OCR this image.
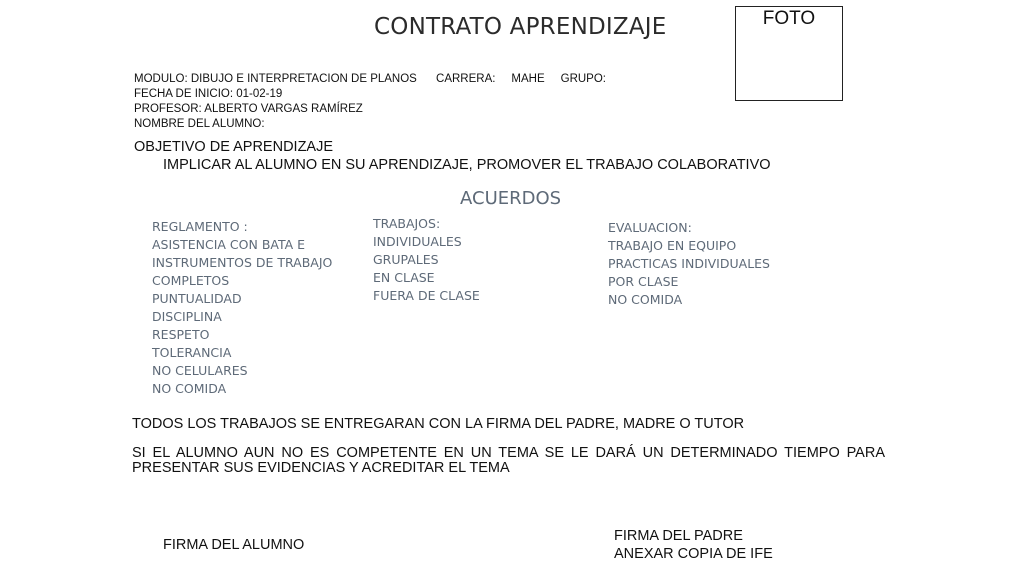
CONTRATO APRENDIZAJE	FOTO
MODULO: DIBUJO E INTERPRETACION DE PLANOS      CARRERA:     MAHE     GRUPO:
FECHA DE INICIO: 01-02-19
PROFESOR: ALBERTO VARGAS RAMÍREZ
NOMBRE DEL ALUMNO:
OBJETIVO DE APRENDIZAJE
IMPLICAR AL ALUMNO EN SU APRENDIZAJE, PROMOVER EL TRABAJO COLABORATIVO
ACUERDOS
REGLAMENTO :
ASISTENCIA CON BATA E
INSTRUMENTOS DE TRABAJO
COMPLETOS
PUNTUALIDAD
DISCIPLINA
RESPETO
TOLERANCIA
NO CELULARES
NO COMIDA
TRABAJOS:
INDIVIDUALES
GRUPALES
EN CLASE
FUERA DE CLASE
EVALUACION:
TRABAJO EN EQUIPO
PRACTICAS INDIVIDUALES
POR CLASE
NO COMIDA
TODOS LOS TRABAJOS SE ENTREGARAN CON LA FIRMA DEL PADRE, MADRE O TUTOR
SI EL ALUMNO AUN NO ES COMPETENTE EN UN TEMA SE LE DARÁ UN DETERMINADO TIEMPO PARA PRESENTAR SUS EVIDENCIAS Y ACREDITAR EL TEMA
FIRMA DEL ALUMNO
FIRMA DEL PADRE
ANEXAR COPIA DE IFE
